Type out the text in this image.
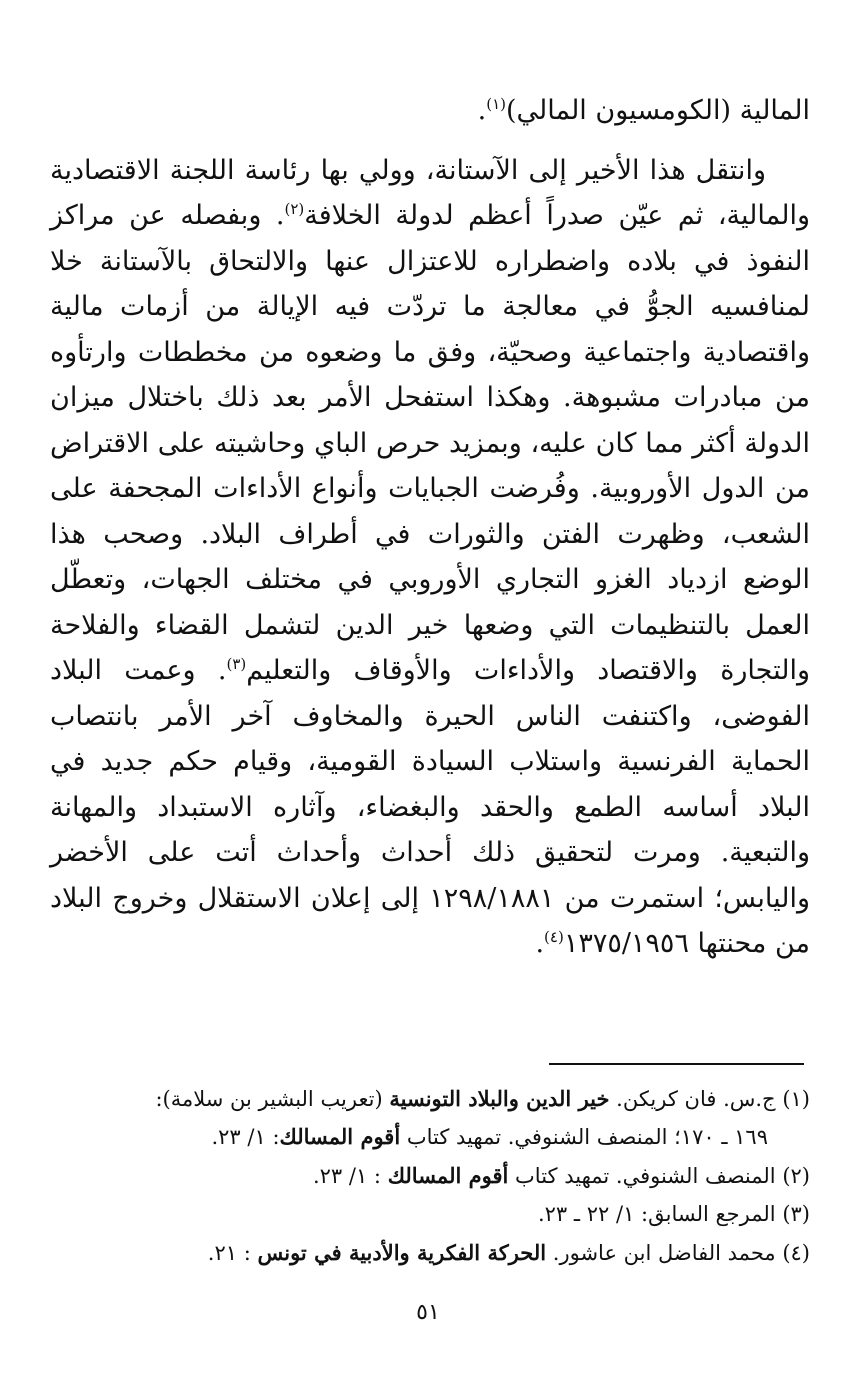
المالية (الكومسيون المالي)$^{(١)}$.

وانتقل هذا الأخير إلى الآستانة، وولي بها رئاسة اللجنة الاقتصادية والمالية، ثم عيّن صدراً أعظم لدولة الخلافة$^{(٢)}$. وبفصله عن مراكز النفوذ في بلاده واضطراره للاعتزال عنها والالتحاق بالآستانة خلا لمنافسيه الجوُّ في معالجة ما تردّت فيه الإيالة من أزمات مالية واقتصادية واجتماعية وصحيّة، وفق ما وضعوه من مخططات وارتأوه من مبادرات مشبوهة. وهكذا استفحل الأمر بعد ذلك باختلال ميزان الدولة أكثر مما كان عليه، وبمزيد حرص الباي وحاشيته على الاقتراض من الدول الأوروبية. وفُرضت الجبايات وأنواع الأداءات المجحفة على الشعب، وظهرت الفتن والثورات في أطراف البلاد. وصحب هذا الوضع ازدياد الغزو التجاري الأوروبي في مختلف الجهات، وتعطّل العمل بالتنظيمات التي وضعها خير الدين لتشمل القضاء والفلاحة والتجارة والاقتصاد والأداءات والأوقاف والتعليم$^{(٣)}$. وعمت البلاد الفوضى، واكتنفت الناس الحيرة والمخاوف آخر الأمر بانتصاب الحماية الفرنسية واستلاب السيادة القومية، وقيام حكم جديد في البلاد أساسه الطمع والحقد والبغضاء، وآثاره الاستبداد والمهانة والتبعية. ومرت لتحقيق ذلك أحداث وأحداث أتت على الأخضر واليابس؛ استمرت من ١٢٩٨/١٨٨١ إلى إعلان الاستقلال وخروج البلاد من محنتها ١٣٧٥/١٩٥٦$^{(٤)}$.

(١) ج.س. فان كريكن. خير الدين والبلاد التونسية (تعريب البشير بن سلامة):
١٦٩ ـ ١٧٠؛ المنصف الشنوفي. تمهيد كتاب أقوم المسالك: ١/ ٢٣.

(٢) المنصف الشنوفي. تمهيد كتاب أقوم المسالك : ١/ ٢٣.

(٣) المرجع السابق: ١/ ٢٢ ـ ٢٣.

(٤) محمد الفاضل ابن عاشور. الحركة الفكرية والأدبية في تونس : ٢١.

٥١
